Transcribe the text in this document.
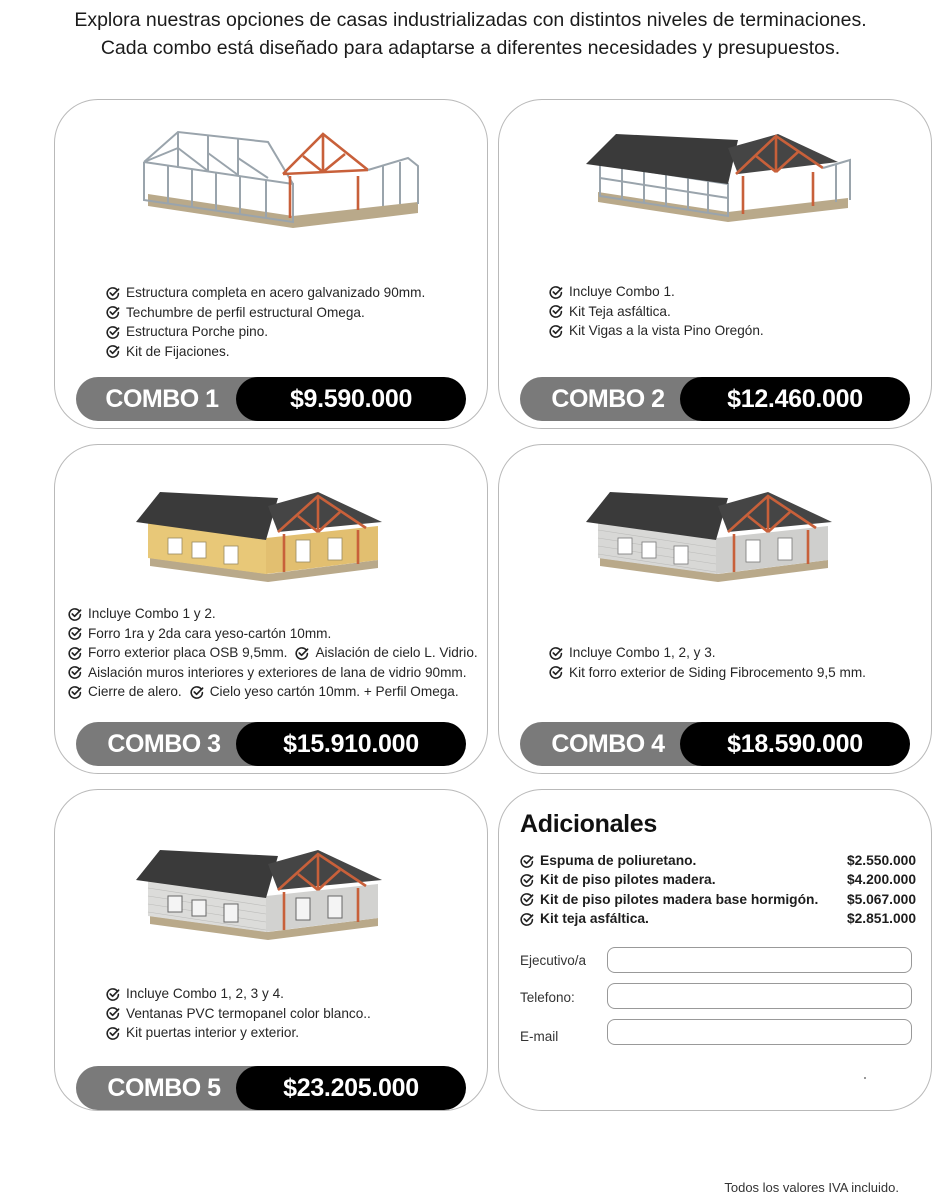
Explora nuestras opciones de casas industrializadas con distintos niveles de terminaciones.
Cada combo está diseñado para adaptarse a diferentes necesidades y presupuestos.
Estructura completa en acero galvanizado 90mm.
Techumbre de perfil estructural Omega.
Estructura Porche pino.
Kit de Fijaciones.
COMBO 1	$9.590.000
Incluye Combo 1.
Kit Teja asfáltica.
Kit Vigas a la vista Pino Oregón.
COMBO 2	$12.460.000
Incluye Combo 1 y 2.
Forro 1ra y 2da cara yeso-cartón 10mm.
Forro exterior placa OSB 9,5mm. Aislación de cielo L. Vidrio.
Aislación muros interiores y exteriores de lana de vidrio 90mm.
Cierre de alero. Cielo yeso cartón 10mm. + Perfil Omega.
COMBO 3	$15.910.000
Incluye Combo 1, 2, y 3.
Kit forro exterior de Siding Fibrocemento 9,5 mm.
COMBO 4	$18.590.000
Incluye Combo 1, 2, 3 y 4.
Ventanas PVC termopanel color blanco..
Kit puertas interior y exterior.
COMBO 5	$23.205.000
Adicionales
Espuma de poliuretano.	$2.550.000
Kit de piso pilotes madera.	$4.200.000
Kit de piso pilotes madera base hormigón.	$5.067.000
Kit teja asfáltica.	$2.851.000
Ejecutivo/a
Telefono:
E-mail
Todos los valores IVA incluido.
